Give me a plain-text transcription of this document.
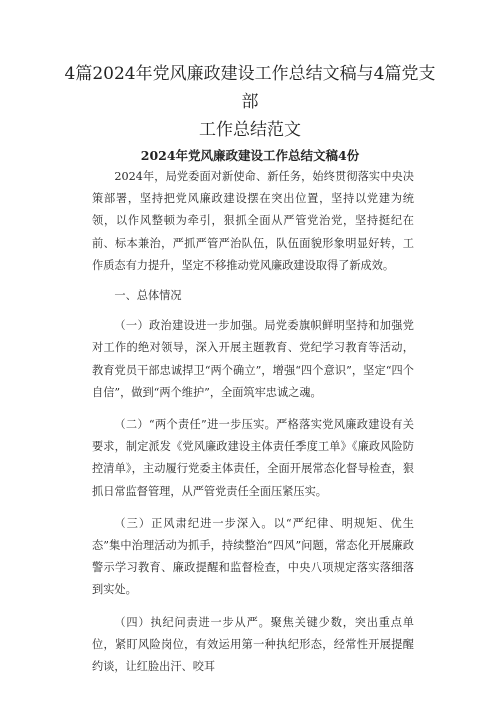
4篇2024年党风廉政建设工作总结文稿与4篇党支部
工作总结范文
2024年党风廉政建设工作总结文稿4份

2024年，局党委面对新使命、新任务，始终贯彻落实中央决策部署，坚持把党风廉政建设摆在突出位置，坚持以党建为统领，以作风整顿为牵引，狠抓全面从严管党治党，坚持挺纪在前、标本兼治，严抓严管严治队伍，队伍面貌形象明显好转，工作质态有力提升，坚定不移推动党风廉政建设取得了新成效。

一、总体情况

（一）政治建设进一步加强。局党委旗帜鲜明坚持和加强党对工作的绝对领导，深入开展主题教育、党纪学习教育等活动，教育党员干部忠诚捍卫“两个确立”，增强“四个意识”，坚定“四个自信”，做到“两个维护”，全面筑牢忠诚之魂。

（二）“两个责任”进一步压实。严格落实党风廉政建设有关要求，制定派发《党风廉政建设主体责任季度工单》《廉政风险防控清单》，主动履行党委主体责任，全面开展常态化督导检查，狠抓日常监督管理，从严管党责任全面压紧压实。

（三）正风肃纪进一步深入。以“严纪律、明规矩、优生态”集中治理活动为抓手，持续整治“四风”问题，常态化开展廉政警示学习教育、廉政提醒和监督检查，中央八项规定落实落细落到实处。

（四）执纪问责进一步从严。聚焦关键少数，突出重点单位，紧盯风险岗位，有效运用第一种执纪形态，经常性开展提醒约谈，让红脸出汗、咬耳
